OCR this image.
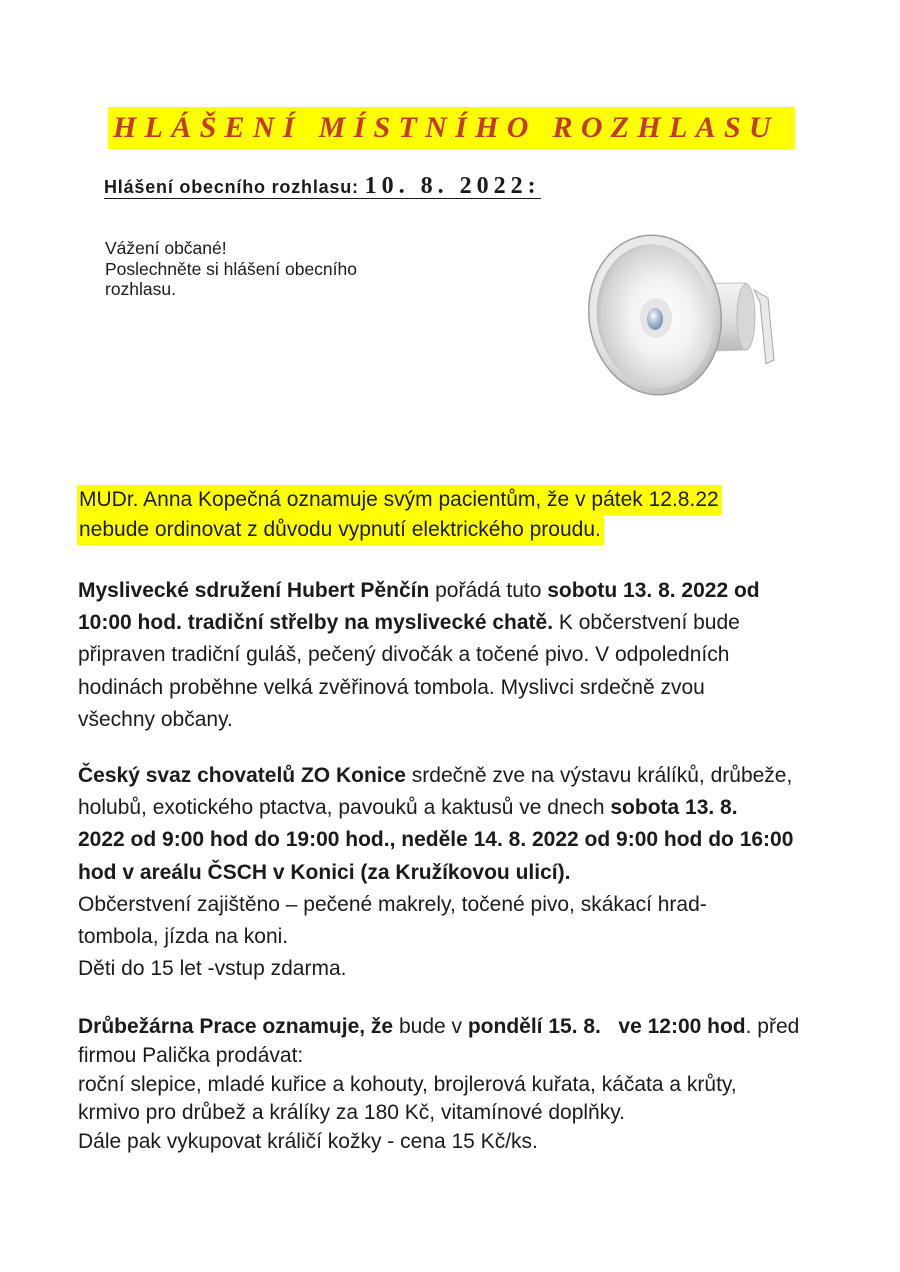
HLÁŠENÍ MÍSTNÍHO ROZHLASU
Hlášení obecního rozhlasu: 10. 8. 2022:
Vážení občané!
Poslechněte si hlášení obecního
rozhlasu.
MUDr. Anna Kopečná oznamuje svým pacientům, že v pátek 12.8.22
nebude ordinovat z důvodu vypnutí elektrického proudu.
Myslivecké sdružení Hubert Pěnčín pořádá tuto sobotu 13. 8. 2022 od
10:00 hod. tradiční střelby na myslivecké chatě. K občerstvení bude
připraven tradiční guláš, pečený divočák a točené pivo. V odpoledních
hodinách proběhne velká zvěřinová tombola. Myslivci srdečně zvou
všechny občany.
Český svaz chovatelů ZO Konice srdečně zve na výstavu králíků, drůbeže,
holubů, exotického ptactva, pavouků a kaktusů ve dnech sobota 13. 8.
2022 od 9:00 hod do 19:00 hod., neděle 14. 8. 2022 od 9:00 hod do 16:00
hod v areálu ČSCH v Konici (za Kružíkovou ulicí).
Občerstvení zajištěno – pečené makrely, točené pivo, skákací hrad-
tombola, jízda na koni.
Děti do 15 let -vstup zdarma.
Drůbežárna Prace oznamuje, že bude v pondělí 15. 8.   ve 12:00 hod. před
firmou Palička prodávat:
roční slepice, mladé kuřice a kohouty, brojlerová kuřata, káčata a krůty,
krmivo pro drůbež a králíky za 180 Kč, vitamínové doplňky.
Dále pak vykupovat králičí kožky - cena 15 Kč/ks.
